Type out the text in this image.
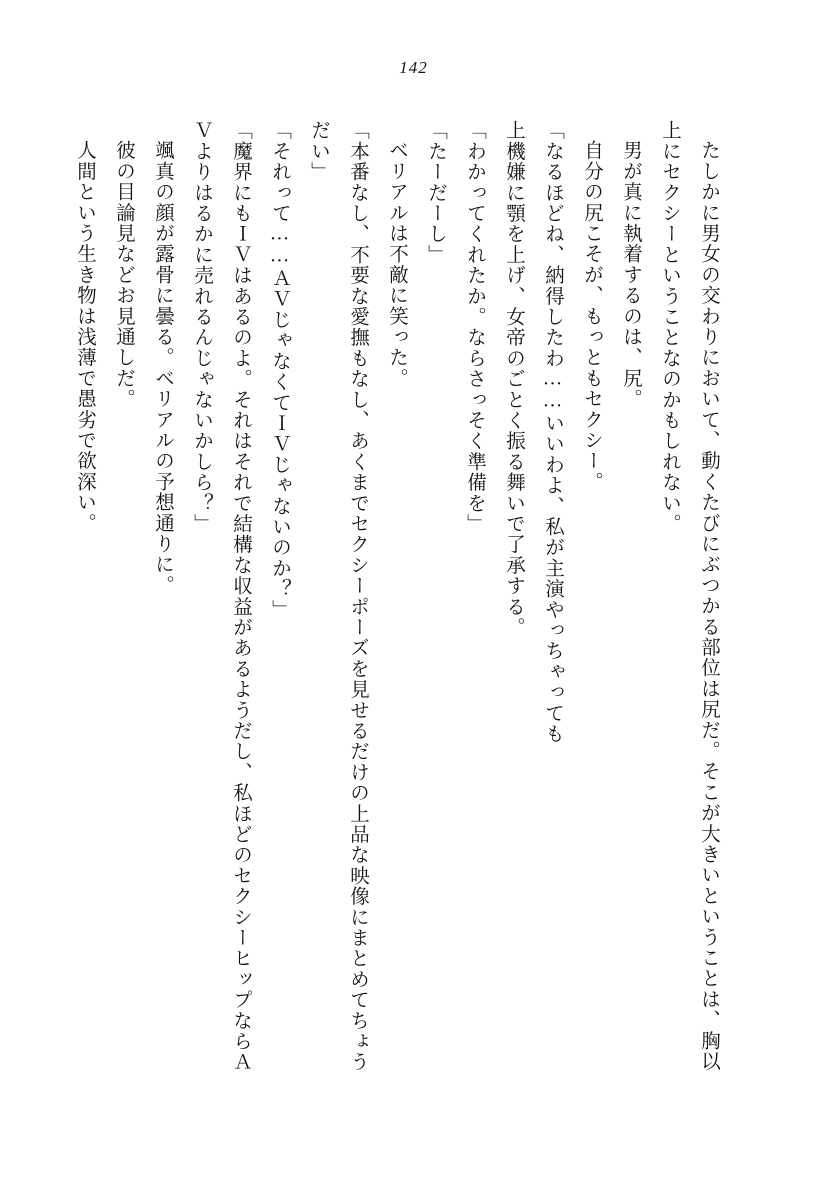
142

たしかに男女の交わりにおいて、動くたびにぶつかる部位は尻だ。そこが大きいということは、胸以上にセクシーということなのかもしれない。

男が真に執着するのは、尻。

自分の尻こそが、もっともセクシー。

「なるほどね、納得したわ……いいわよ、私が主演やっちゃっても

上機嫌に顎を上げ、女帝のごとく振る舞いで了承する。

「わかってくれたか。ならさっそく準備を」

「たーだーし」

ベリアルは不敵に笑った。

「本番なし、不要な愛撫もなし、あくまでセクシーポーズを見せるだけの上品な映像にまとめてちょうだい」

「それって……ＡＶじゃなくてＩＶじゃないのか？」

「魔界にもＩＶはあるのよ。それはそれで結構な収益があるようだし、私ほどのセクシーヒップならＡＶよりはるかに売れるんじゃないかしら？」

颯真の顔が露骨に曇る。ベリアルの予想通りに。

彼の目論見などお見通しだ。

人間という生き物は浅薄で愚劣で欲深い。
